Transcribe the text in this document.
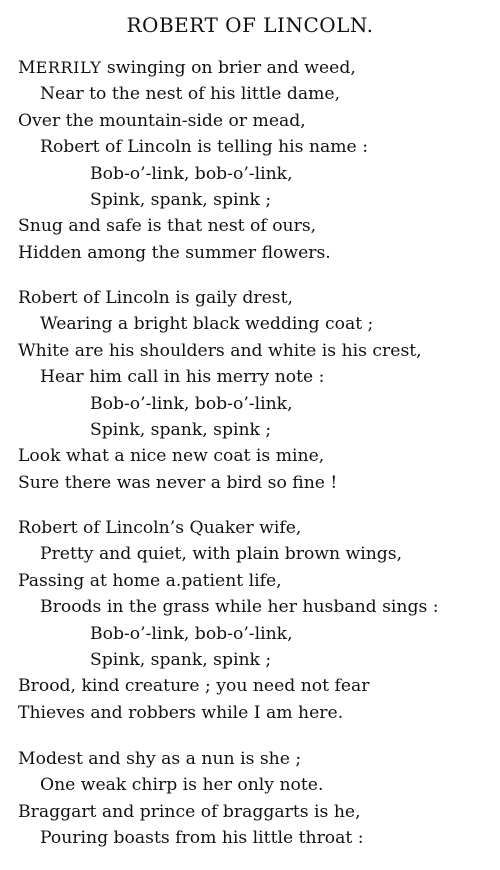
ROBERT OF LINCOLN.
MERRILY swinging on brier and weed,
Near to the nest of his little dame,
Over the mountain-side or mead,
Robert of Lincoln is telling his name :
Bob-o’-link, bob-o’-link,
Spink, spank, spink ;
Snug and safe is that nest of ours,
Hidden among the summer flowers.
Robert of Lincoln is gaily drest,
Wearing a bright black wedding coat ;
White are his shoulders and white is his crest,
Hear him call in his merry note :
Bob-o’-link, bob-o’-link,
Spink, spank, spink ;
Look what a nice new coat is mine,
Sure there was never a bird so fine !
Robert of Lincoln’s Quaker wife,
Pretty and quiet, with plain brown wings,
Passing at home a.patient life,
Broods in the grass while her husband sings :
Bob-o’-link, bob-o’-link,
Spink, spank, spink ;
Brood, kind creature ; you need not fear
Thieves and robbers while I am here.
Modest and shy as a nun is she ;
One weak chirp is her only note.
Braggart and prince of braggarts is he,
Pouring boasts from his little throat :
